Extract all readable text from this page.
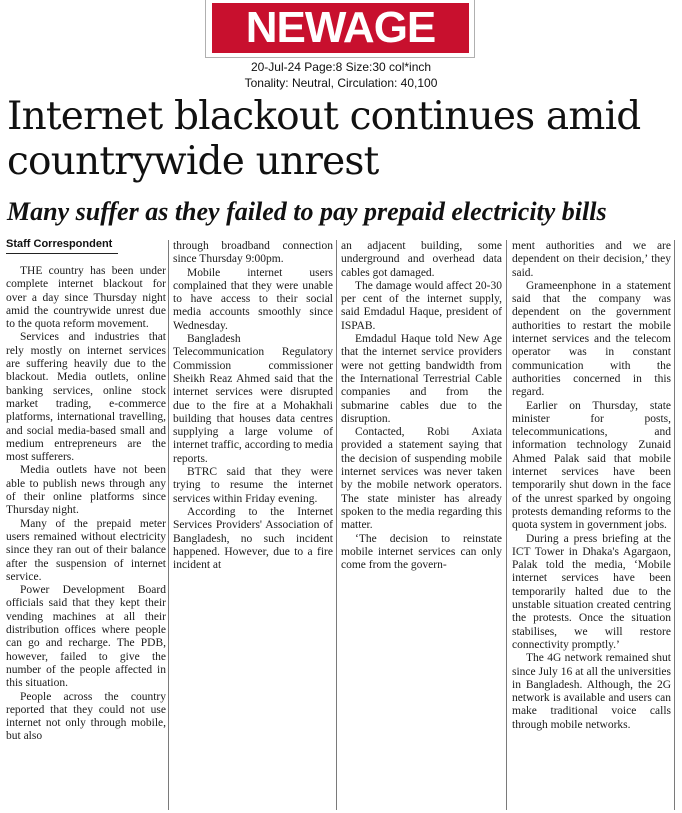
NEWAGE
20-Jul-24 Page:8 Size:30 col*inch
Tonality: Neutral, Circulation: 40,100
Internet blackout continues amid countrywide unrest
Many suffer as they failed to pay prepaid electricity bills
Staff Correspondent

THE country has been under complete internet blackout for over a day since Thursday night amid the countrywide unrest due to the quota reform movement.

Services and industries that rely mostly on internet services are suffering heavily due to the blackout. Media outlets, online banking services, online stock market trading, e-commerce platforms, international travelling, and social media-based small and medium entrepreneurs are the most sufferers.

Media outlets have not been able to publish news through any of their online platforms since Thursday night.

Many of the prepaid meter users remained without electricity since they ran out of their balance after the suspension of internet service.

Power Development Board officials said that they kept their vending machines at all their distribution offices where people can go and recharge. The PDB, however, failed to give the number of the people affected in this situation.

People across the country reported that they could not use internet not only through mobile, but also

through broadband connection since Thursday 9:00pm.

Mobile internet users complained that they were unable to have access to their social media accounts smoothly since Wednesday.

Bangladesh Telecommunication Regulatory Commission commissioner Sheikh Reaz Ahmed said that the internet services were disrupted due to the fire at a Mohakhali building that houses data centres supplying a large volume of internet traffic, according to media reports.

BTRC said that they were trying to resume the internet services within Friday evening.

According to the Internet Services Providers' Association of Bangladesh, no such incident happened. However, due to a fire incident at

an adjacent building, some underground and overhead data cables got damaged.

The damage would affect 20-30 per cent of the internet supply, said Emdadul Haque, president of ISPAB.

Emdadul Haque told New Age that the internet service providers were not getting bandwidth from the International Terrestrial Cable companies and from the submarine cables due to the disruption.

Contacted, Robi Axiata provided a statement saying that the decision of suspending mobile internet services was never taken by the mobile network operators. The state minister has already spoken to the media regarding this matter.

‘The decision to reinstate mobile internet services can only come from the govern-

ment authorities and we are dependent on their decision,’ they said.

Grameenphone in a statement said that the company was dependent on the government authorities to restart the mobile internet services and the telecom operator was in constant communication with the authorities concerned in this regard.

Earlier on Thursday, state minister for posts, telecommunications, and information technology Zunaid Ahmed Palak said that mobile internet services have been temporarily shut down in the face of the unrest sparked by ongoing protests demanding reforms to the quota system in government jobs.

During a press briefing at the ICT Tower in Dhaka's Agargaon, Palak told the media, ‘Mobile internet services have been temporarily halted due to the unstable situation created centring the protests. Once the situation stabilises, we will restore connectivity promptly.’

The 4G network remained shut since July 16 at all the universities in Bangladesh. Although, the 2G network is available and users can make traditional voice calls through mobile networks.
